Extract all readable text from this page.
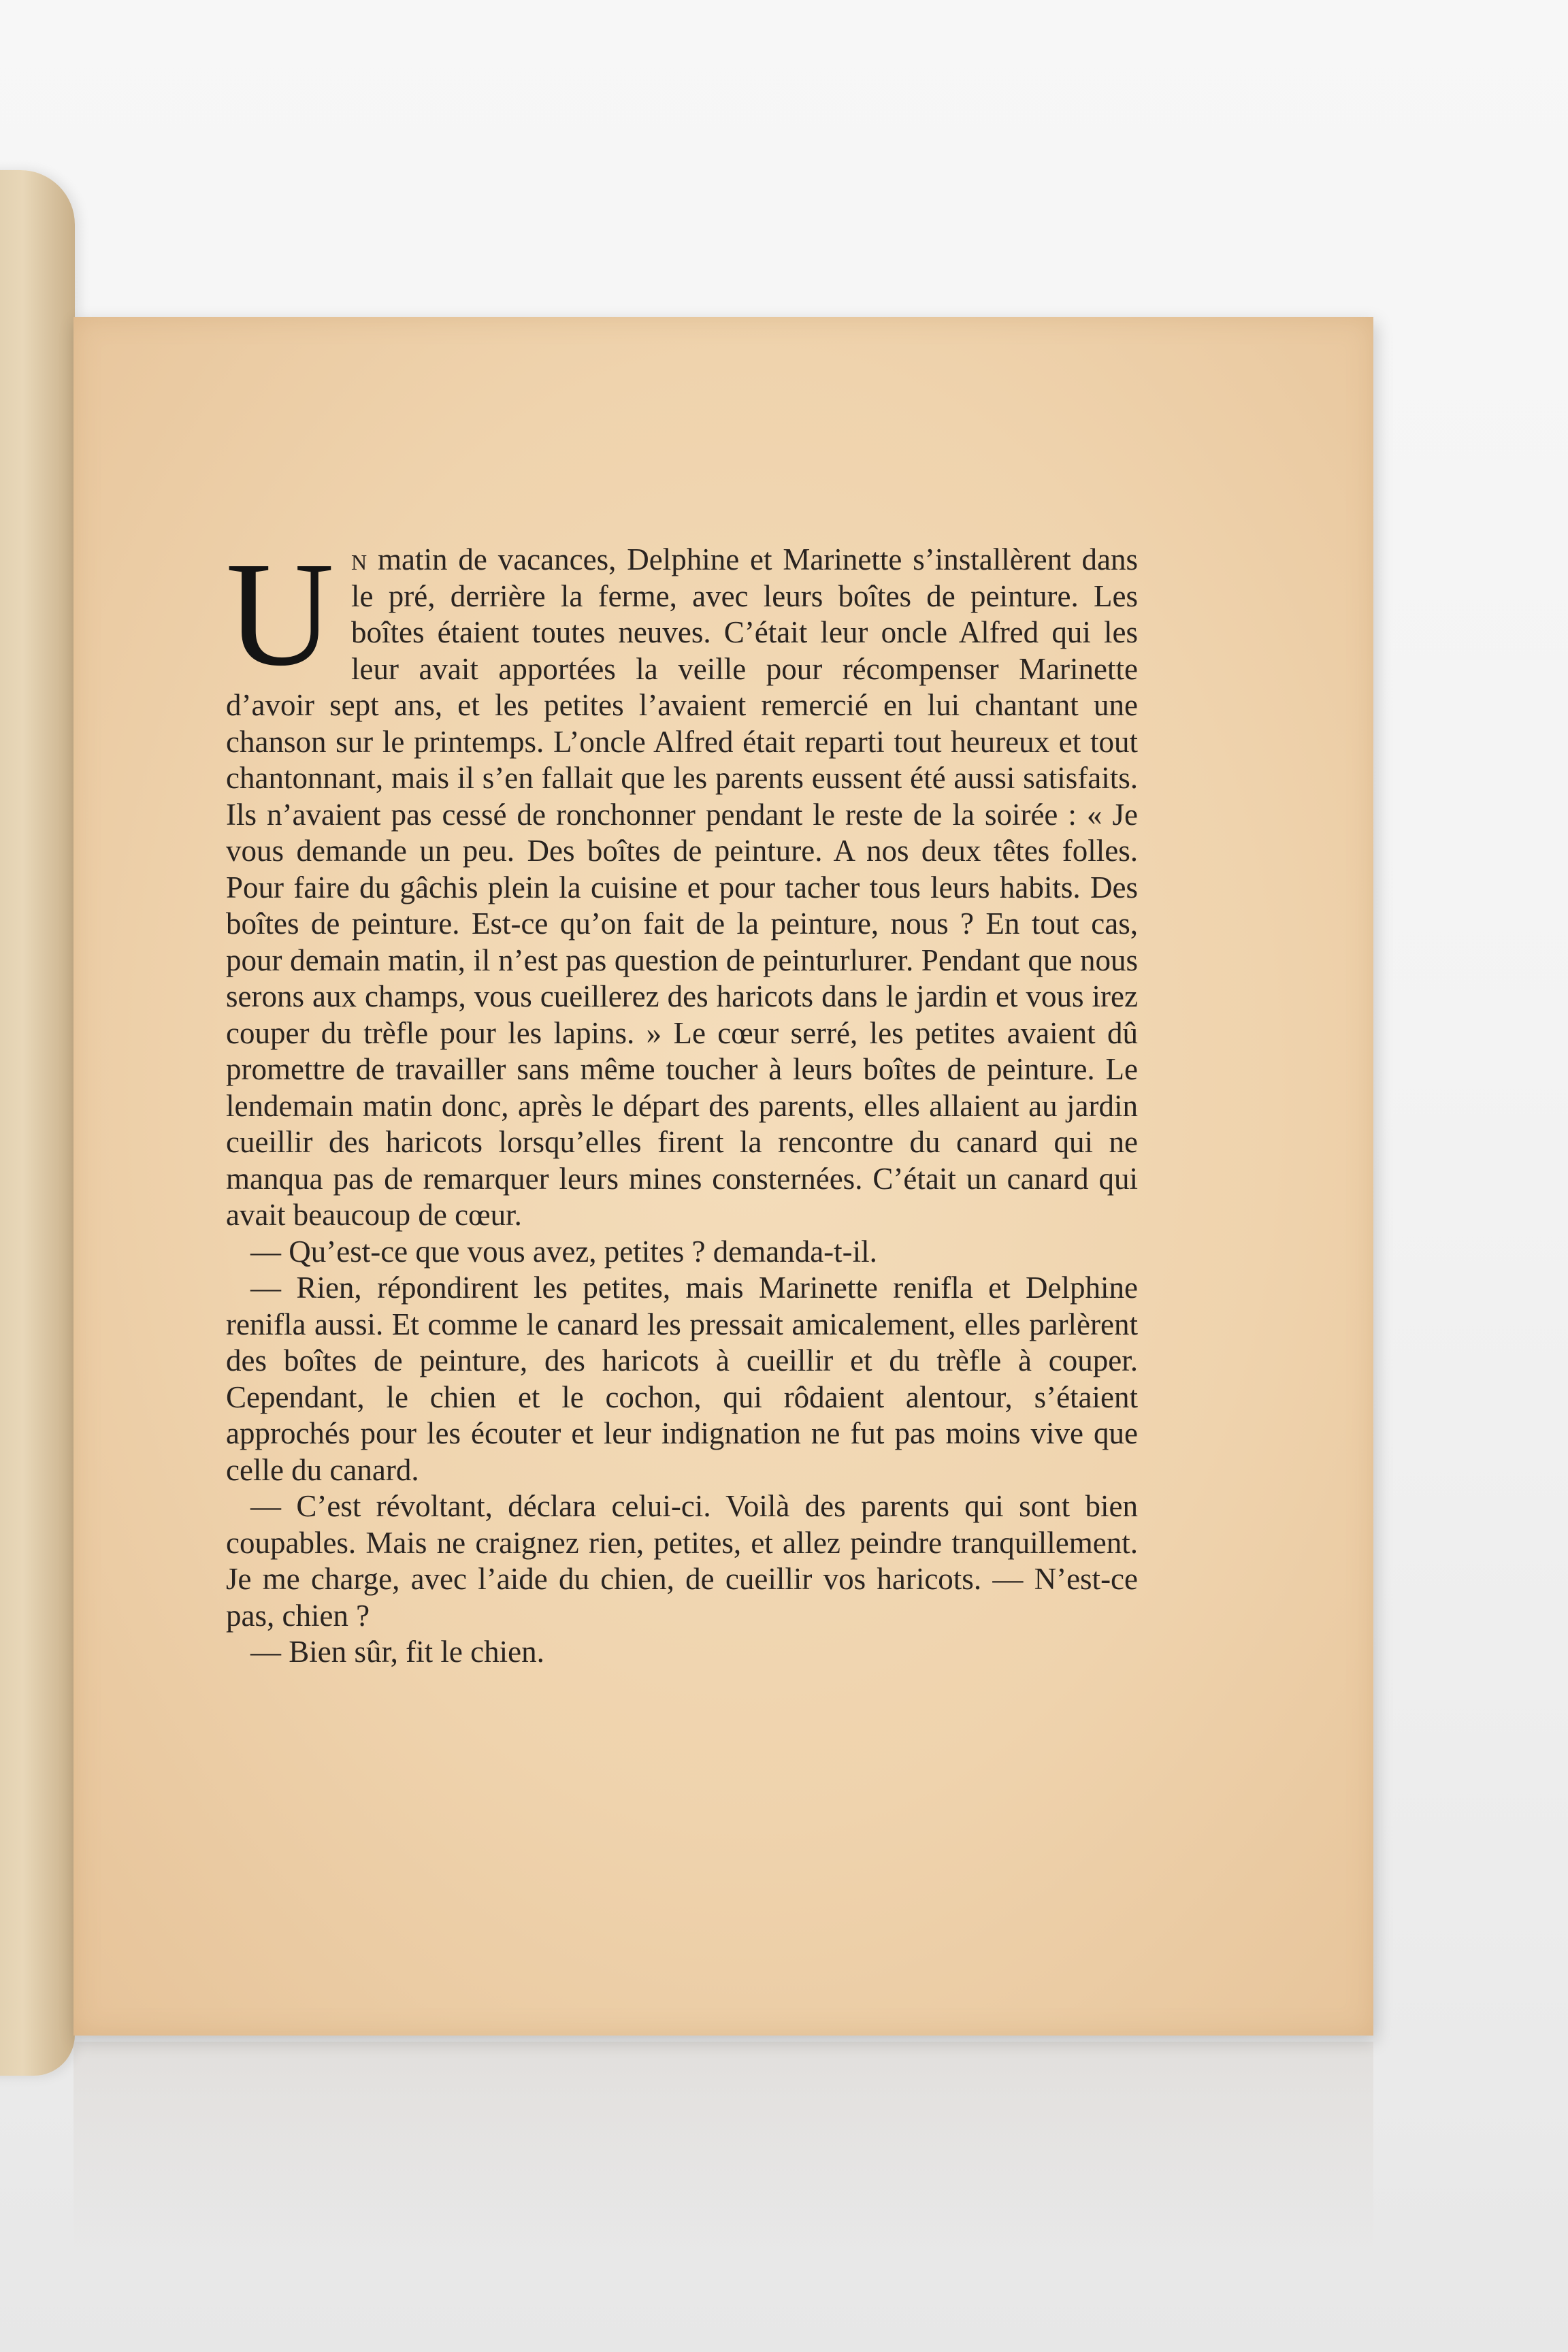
U n matin de vacances, Delphine et Marinette s’installèrent dans le pré, derrière la ferme, avec leurs boîtes de peinture. Les boîtes étaient toutes neuves. C’était leur oncle Alfred qui les leur avait apportées la veille pour récompenser Marinette d’avoir sept ans, et les petites l’avaient remercié en lui chantant une chanson sur le printemps. L’oncle Alfred était reparti tout heureux et tout chantonnant, mais il s’en fallait que les parents eussent été aussi satisfaits. Ils n’avaient pas cessé de ronchonner pendant le reste de la soirée : « Je vous demande un peu. Des boîtes de peinture. A nos deux têtes folles. Pour faire du gâchis plein la cuisine et pour tacher tous leurs habits. Des boîtes de peinture. Est-ce qu’on fait de la peinture, nous ? En tout cas, pour demain matin, il n’est pas question de peinturlurer. Pendant que nous serons aux champs, vous cueillerez des haricots dans le jardin et vous irez couper du trèfle pour les lapins. » Le cœur serré, les petites avaient dû promettre de travailler sans même toucher à leurs boîtes de peinture. Le lendemain matin donc, après le départ des parents, elles allaient au jardin cueillir des haricots lorsqu’elles firent la rencontre du canard qui ne manqua pas de remarquer leurs mines consternées. C’était un canard qui avait beaucoup de cœur.

— Qu’est-ce que vous avez, petites ? demanda-t-il.

— Rien, répondirent les petites, mais Marinette renifla et Delphine renifla aussi. Et comme le canard les pressait amicalement, elles parlèrent des boîtes de peinture, des haricots à cueillir et du trèfle à couper. Cependant, le chien et le cochon, qui rôdaient alentour, s’étaient approchés pour les écouter et leur indignation ne fut pas moins vive que celle du canard.

— C’est révoltant, déclara celui-ci. Voilà des parents qui sont bien coupables. Mais ne craignez rien, petites, et allez peindre tranquillement. Je me charge, avec l’aide du chien, de cueillir vos haricots. — N’est-ce pas, chien ?

— Bien sûr, fit le chien.
